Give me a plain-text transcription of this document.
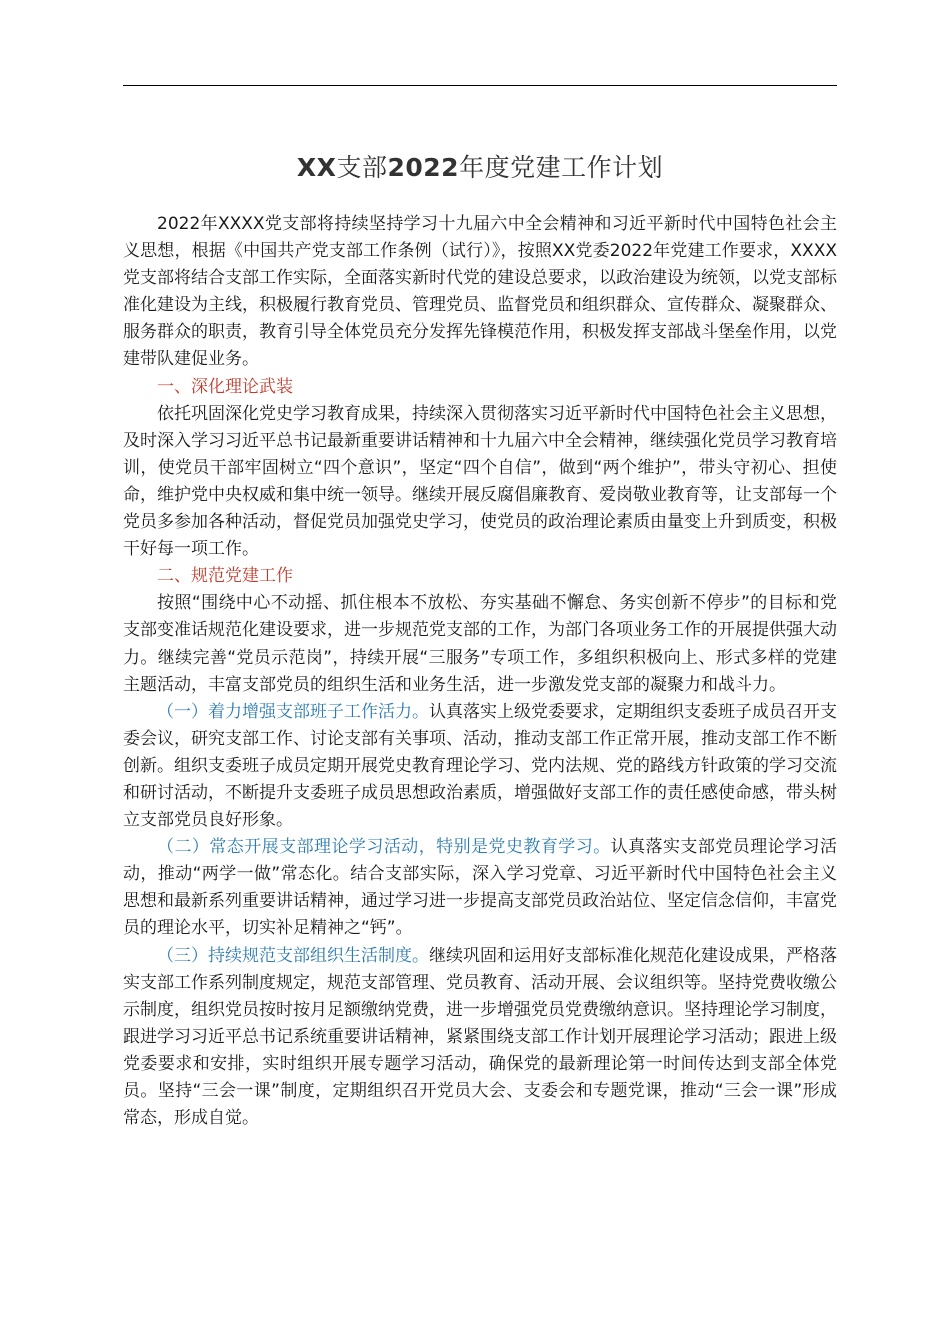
XX支部2022年度党建工作计划

2022年XXXX党支部将持续坚持学习十九届六中全会精神和习近平新时代中国特色社会主义思想，根据《中国共产党支部工作条例（试行）》，按照XX党委2022年党建工作要求，XXXX党支部将结合支部工作实际，全面落实新时代党的建设总要求，以政治建设为统领，以党支部标准化建设为主线，积极履行教育党员、管理党员、监督党员和组织群众、宣传群众、凝聚群众、服务群众的职责，教育引导全体党员充分发挥先锋模范作用，积极发挥支部战斗堡垒作用，以党建带队建促业务。

一、深化理论武装

依托巩固深化党史学习教育成果，持续深入贯彻落实习近平新时代中国特色社会主义思想，及时深入学习习近平总书记最新重要讲话精神和十九届六中全会精神，继续强化党员学习教育培训，使党员干部牢固树立“四个意识”，坚定“四个自信”，做到“两个维护”，带头守初心、担使命，维护党中央权威和集中统一领导。继续开展反腐倡廉教育、爱岗敬业教育等，让支部每一个党员多参加各种活动，督促党员加强党史学习，使党员的政治理论素质由量变上升到质变，积极干好每一项工作。

二、规范党建工作

按照“围绕中心不动摇、抓住根本不放松、夯实基础不懈怠、务实创新不停步”的目标和党支部变准话规范化建设要求，进一步规范党支部的工作，为部门各项业务工作的开展提供强大动力。继续完善“党员示范岗”，持续开展“三服务”专项工作，多组织积极向上、形式多样的党建主题活动，丰富支部党员的组织生活和业务生活，进一步激发党支部的凝聚力和战斗力。

（一）着力增强支部班子工作活力。认真落实上级党委要求，定期组织支委班子成员召开支委会议，研究支部工作、讨论支部有关事项、活动，推动支部工作正常开展，推动支部工作不断创新。组织支委班子成员定期开展党史教育理论学习、党内法规、党的路线方针政策的学习交流和研讨活动，不断提升支委班子成员思想政治素质，增强做好支部工作的责任感使命感，带头树立支部党员良好形象。

（二）常态开展支部理论学习活动，特别是党史教育学习。认真落实支部党员理论学习活动，推动“两学一做”常态化。结合支部实际，深入学习党章、习近平新时代中国特色社会主义思想和最新系列重要讲话精神，通过学习进一步提高支部党员政治站位、坚定信念信仰，丰富党员的理论水平，切实补足精神之“钙”。

（三）持续规范支部组织生活制度。继续巩固和运用好支部标准化规范化建设成果，严格落实支部工作系列制度规定，规范支部管理、党员教育、活动开展、会议组织等。坚持党费收缴公示制度，组织党员按时按月足额缴纳党费，进一步增强党员党费缴纳意识。坚持理论学习制度，跟进学习习近平总书记系统重要讲话精神，紧紧围绕支部工作计划开展理论学习活动；跟进上级党委要求和安排，实时组织开展专题学习活动，确保党的最新理论第一时间传达到支部全体党员。坚持“三会一课”制度，定期组织召开党员大会、支委会和专题党课，推动“三会一课”形成常态，形成自觉。
